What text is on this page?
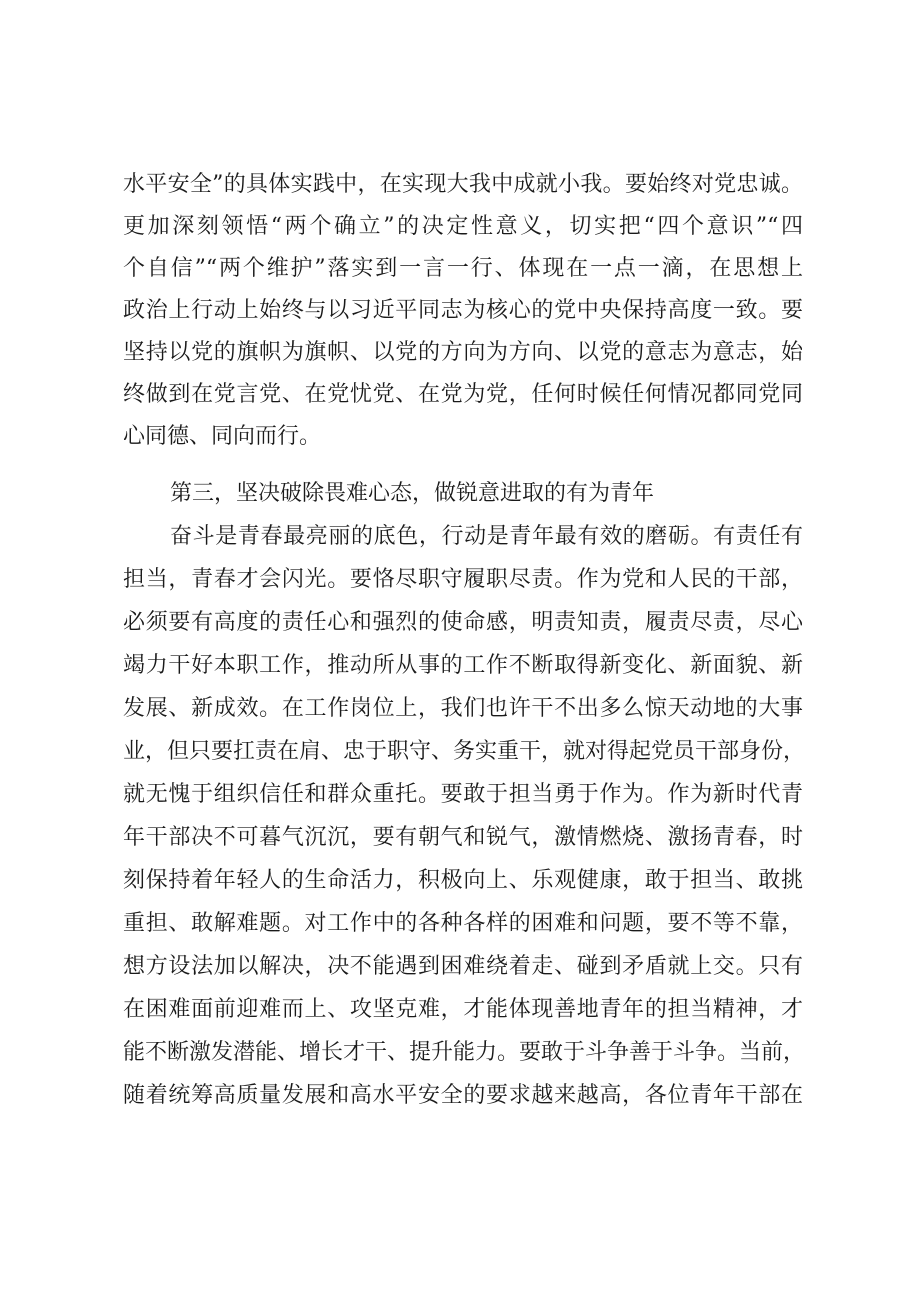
水平安全”的具体实践中，在实现大我中成就小我。要始终对党忠诚。
更加深刻领悟“两个确立”的决定性意义，切实把“四个意识”“四
个自信”“两个维护”落实到一言一行、体现在一点一滴，在思想上
政治上行动上始终与以习近平同志为核心的党中央保持高度一致。要
坚持以党的旗帜为旗帜、以党的方向为方向、以党的意志为意志，始
终做到在党言党、在党忧党、在党为党，任何时候任何情况都同党同
心同德、同向而行。
第三，坚决破除畏难心态，做锐意进取的有为青年
奋斗是青春最亮丽的底色，行动是青年最有效的磨砺。有责任有
担当，青春才会闪光。要恪尽职守履职尽责。作为党和人民的干部，
必须要有高度的责任心和强烈的使命感，明责知责，履责尽责，尽心
竭力干好本职工作，推动所从事的工作不断取得新变化、新面貌、新
发展、新成效。在工作岗位上，我们也许干不出多么惊天动地的大事
业，但只要扛责在肩、忠于职守、务实重干，就对得起党员干部身份，
就无愧于组织信任和群众重托。要敢于担当勇于作为。作为新时代青
年干部决不可暮气沉沉，要有朝气和锐气，激情燃烧、激扬青春，时
刻保持着年轻人的生命活力，积极向上、乐观健康，敢于担当、敢挑
重担、敢解难题。对工作中的各种各样的困难和问题，要不等不靠，
想方设法加以解决，决不能遇到困难绕着走、碰到矛盾就上交。只有
在困难面前迎难而上、攻坚克难，才能体现善地青年的担当精神，才
能不断激发潜能、增长才干、提升能力。要敢于斗争善于斗争。当前，
随着统筹高质量发展和高水平安全的要求越来越高，各位青年干部在
